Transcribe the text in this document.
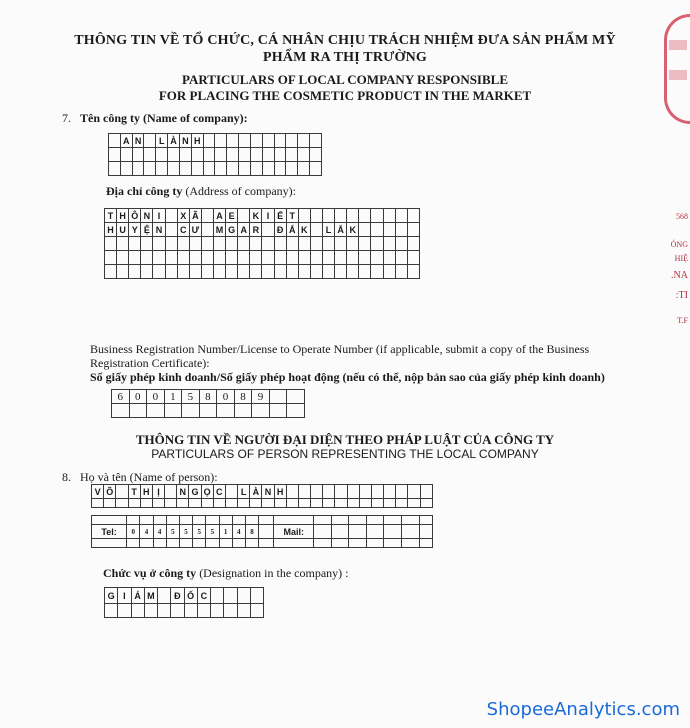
THÔNG TIN VỀ TỔ CHỨC, CÁ NHÂN CHỊU TRÁCH NHIỆM ĐƯA SẢN PHẨM MỸ
PHẨM RA THỊ TRƯỜNG
PARTICULARS OF LOCAL COMPANY RESPONSIBLE
FOR PLACING THE COSMETIC PRODUCT IN THE MARKET
568
ÓNG
HIỆ
.NA
:TI
T.F
7. Tên công ty (Name of company):
	A	N		L	À	N	H										

Địa chỉ công ty (Address of company):
T	H	Ô	N	I		X	Ã		A	E		K	I	Ế	T										
H	U	Y	Ệ	N		C	Ư		M	G	A	R		Đ	Ắ	K		L	Ắ	K					

Business Registration Number/License to Operate Number (if applicable, submit a copy of the Business Registration Certificate):
Số giấy phép kinh doanh/Số giấy phép hoạt động (nếu có thể, nộp bản sao của giấy phép kinh doanh)
6	0	0	1	5	8	0	8	9		

THÔNG TIN VỀ NGƯỜI ĐẠI DIỆN THEO PHÁP LUẬT CỦA CÔNG TY
PARTICULARS OF PERSON REPRESENTING THE LOCAL COMPANY
8. Họ và tên (Name of person):
V	Õ		T	H	Ị		N	G	Ọ	C		L	À	N	H												

Tel:	0	4	4	5	5	5	5	1	4	8		Mail:							

Chức vụ ở công ty (Designation in the company) :
G	I	Á	M		Đ	Ố	C				

ShopeeAnalytics.com
